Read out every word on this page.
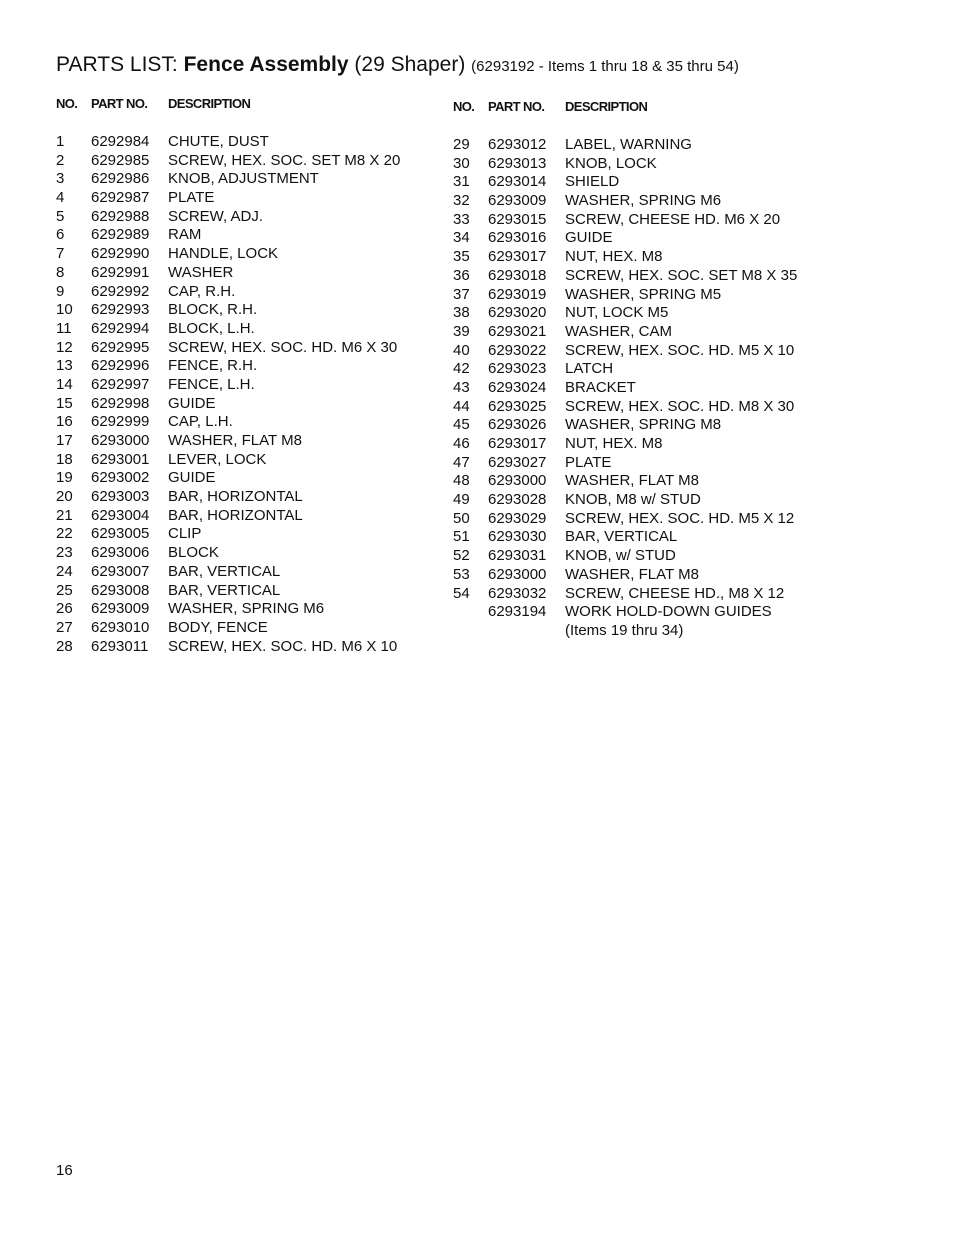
PARTS LIST: Fence Assembly (29 Shaper) (6293192 - Items 1 thru 18 & 35 thru 54)
NO. PART NO. DESCRIPTION
1 6292984 CHUTE, DUST
2 6292985 SCREW, HEX. SOC. SET M8 X 20
3 6292986 KNOB, ADJUSTMENT
4 6292987 PLATE
5 6292988 SCREW, ADJ.
6 6292989 RAM
7 6292990 HANDLE, LOCK
8 6292991 WASHER
9 6292992 CAP, R.H.
10 6292993 BLOCK, R.H.
11 6292994 BLOCK, L.H.
12 6292995 SCREW, HEX. SOC. HD. M6 X 30
13 6292996 FENCE, R.H.
14 6292997 FENCE, L.H.
15 6292998 GUIDE
16 6292999 CAP, L.H.
17 6293000 WASHER, FLAT M8
18 6293001 LEVER, LOCK
19 6293002 GUIDE
20 6293003 BAR, HORIZONTAL
21 6293004 BAR, HORIZONTAL
22 6293005 CLIP
23 6293006 BLOCK
24 6293007 BAR, VERTICAL
25 6293008 BAR, VERTICAL
26 6293009 WASHER, SPRING M6
27 6293010 BODY, FENCE
28 6293011 SCREW, HEX. SOC. HD. M6 X 10
NO. PART NO. DESCRIPTION
29 6293012 LABEL, WARNING
30 6293013 KNOB, LOCK
31 6293014 SHIELD
32 6293009 WASHER, SPRING M6
33 6293015 SCREW, CHEESE HD. M6 X 20
34 6293016 GUIDE
35 6293017 NUT, HEX. M8
36 6293018 SCREW, HEX. SOC. SET M8 X 35
37 6293019 WASHER, SPRING M5
38 6293020 NUT, LOCK M5
39 6293021 WASHER, CAM
40 6293022 SCREW, HEX. SOC. HD. M5 X 10
42 6293023 LATCH
43 6293024 BRACKET
44 6293025 SCREW, HEX. SOC. HD. M8 X 30
45 6293026 WASHER, SPRING M8
46 6293017 NUT, HEX. M8
47 6293027 PLATE
48 6293000 WASHER, FLAT M8
49 6293028 KNOB, M8 w/ STUD
50 6293029 SCREW, HEX. SOC. HD. M5 X 12
51 6293030 BAR, VERTICAL
52 6293031 KNOB, w/ STUD
53 6293000 WASHER, FLAT M8
54 6293032 SCREW, CHEESE HD., M8 X 12
6293194 WORK HOLD-DOWN GUIDES
(Items 19 thru 34)
16
